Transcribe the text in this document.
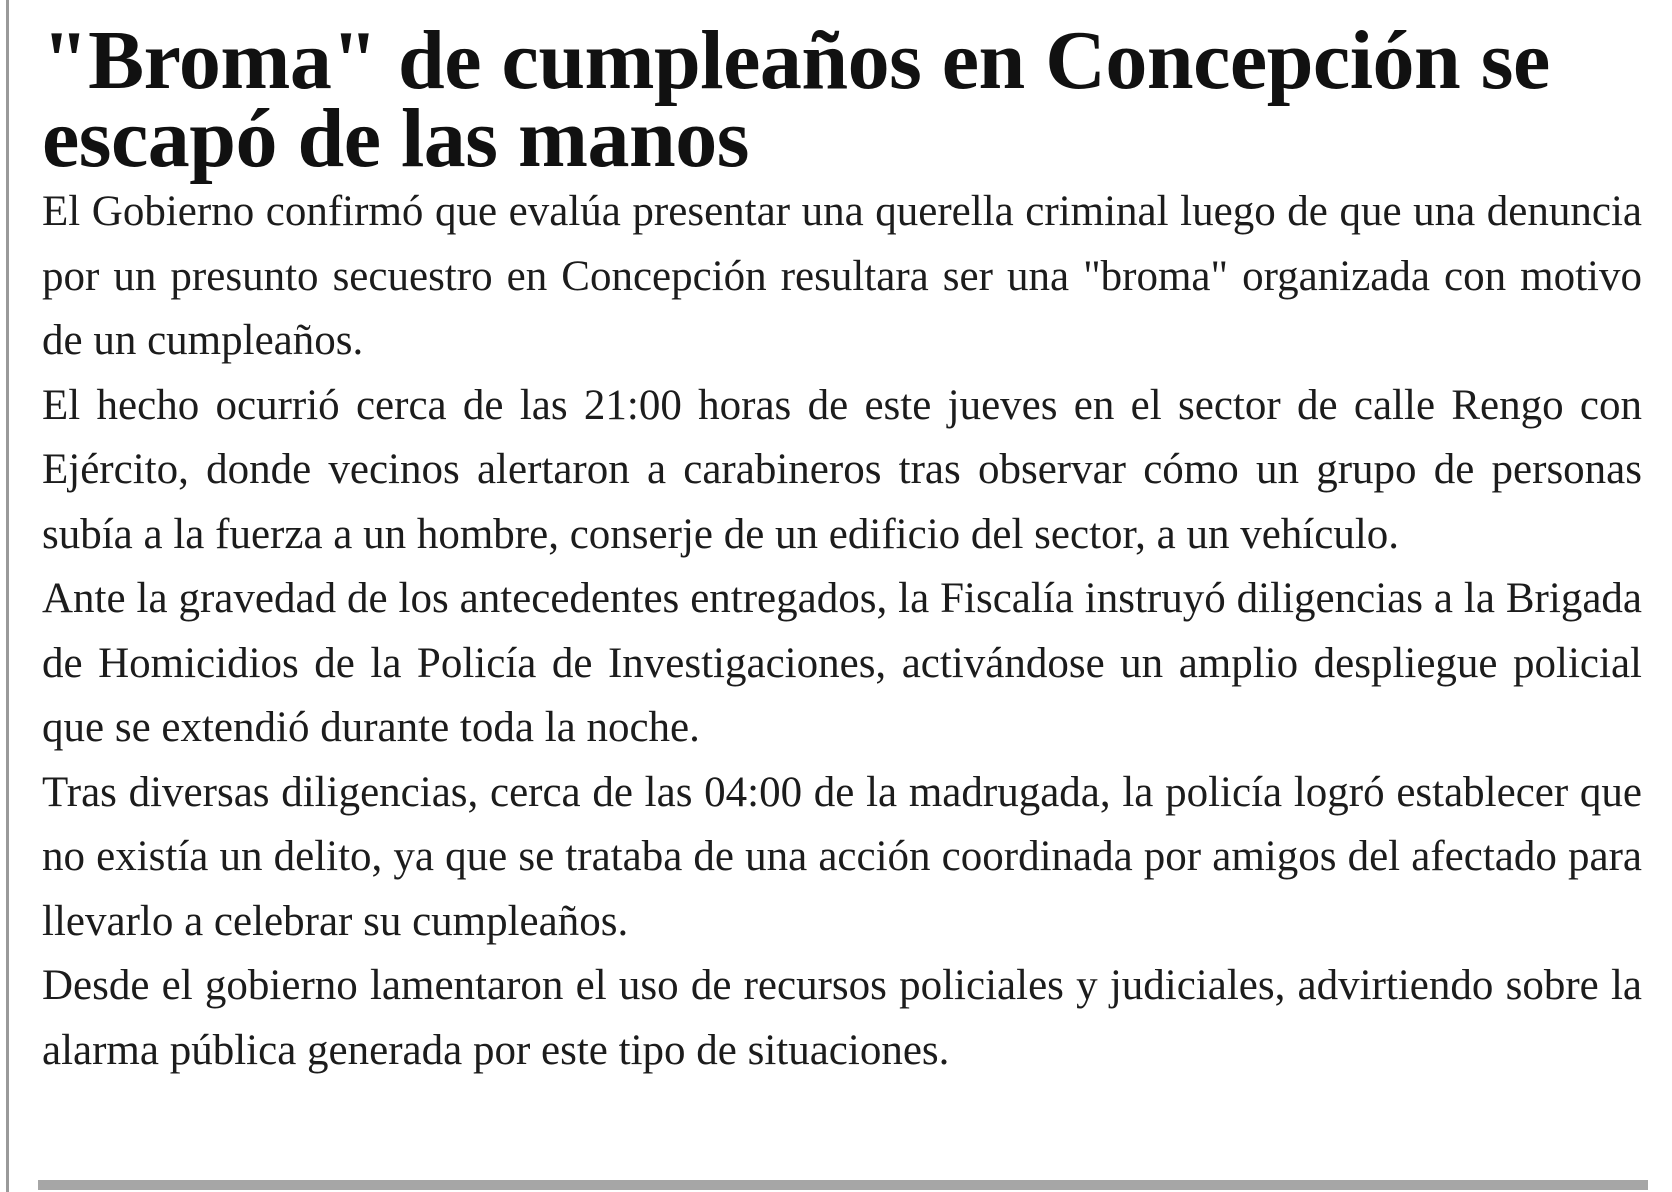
"Broma" de cumpleaños en Concepción se escapó de las manos

El Gobierno confirmó que evalúa presentar una querella criminal luego de que una denuncia por un presunto secuestro en Concepción resultara ser una "broma" organizada con motivo de un cumpleaños.

El hecho ocurrió cerca de las 21:00 horas de este jueves en el sector de calle Rengo con Ejército, donde vecinos alertaron a carabineros tras observar cómo un grupo de personas subía a la fuerza a un hombre, conserje de un edificio del sector, a un vehículo.

Ante la gravedad de los antecedentes entregados, la Fiscalía instruyó diligencias a la Brigada de Homicidios de la Policía de Investigaciones, activándose un amplio despliegue policial que se extendió durante toda la noche.

Tras diversas diligencias, cerca de las 04:00 de la madrugada, la policía logró establecer que no existía un delito, ya que se trataba de una acción coordinada por amigos del afectado para llevarlo a celebrar su cumpleaños.

Desde el gobierno lamentaron el uso de recursos policiales y judiciales, advirtiendo sobre la alarma pública generada por este tipo de situaciones.
